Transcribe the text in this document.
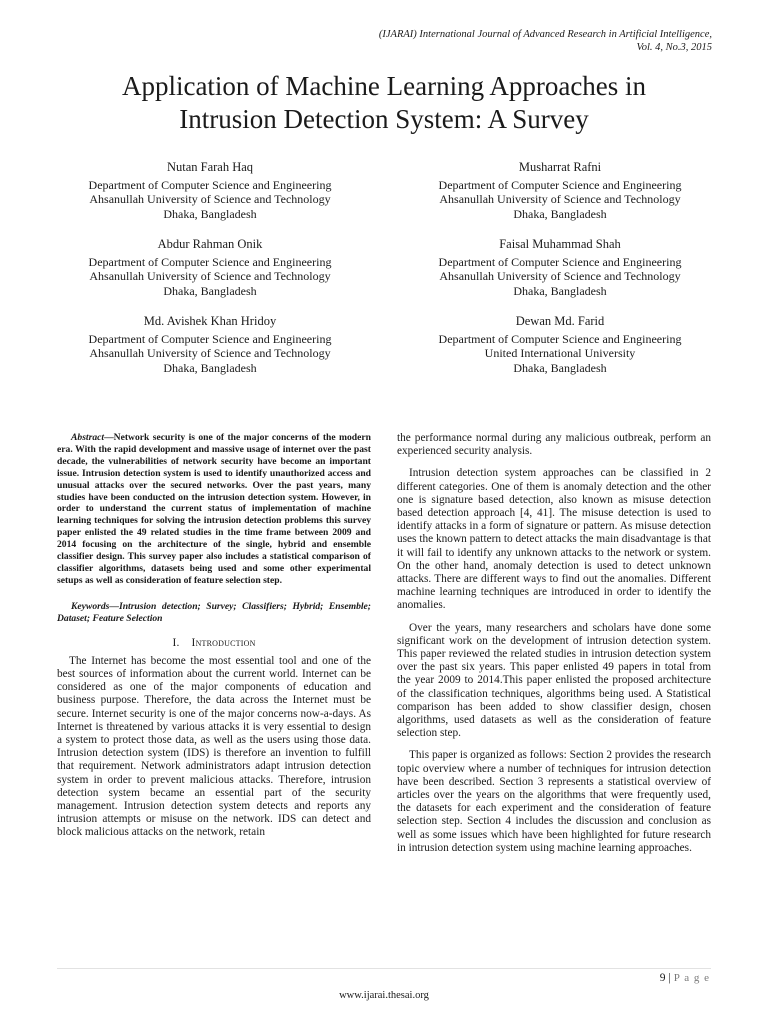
(IJARAI) International Journal of Advanced Research in Artificial Intelligence,
Vol. 4, No.3, 2015
Application of Machine Learning Approaches in
Intrusion Detection System: A Survey
Nutan Farah Haq
Department of Computer Science and Engineering
Ahsanullah University of Science and Technology
Dhaka, Bangladesh
Musharrat Rafni
Department of Computer Science and Engineering
Ahsanullah University of Science and Technology
Dhaka, Bangladesh
Abdur Rahman Onik
Department of Computer Science and Engineering
Ahsanullah University of Science and Technology
Dhaka, Bangladesh
Faisal Muhammad Shah
Department of Computer Science and Engineering
Ahsanullah University of Science and Technology
Dhaka, Bangladesh
Md. Avishek Khan Hridoy
Department of Computer Science and Engineering
Ahsanullah University of Science and Technology
Dhaka, Bangladesh
Dewan Md. Farid
Department of Computer Science and Engineering
United International University
Dhaka, Bangladesh

Abstract—Network security is one of the major concerns of the modern era. With the rapid development and massive usage of internet over the past decade, the vulnerabilities of network security have become an important issue. Intrusion detection system is used to identify unauthorized access and unusual attacks over the secured networks. Over the past years, many studies have been conducted on the intrusion detection system. However, in order to understand the current status of implementation of machine learning techniques for solving the intrusion detection problems this survey paper enlisted the 49 related studies in the time frame between 2009 and 2014 focusing on the architecture of the single, hybrid and ensemble classifier design. This survey paper also includes a statistical comparison of classifier algorithms, datasets being used and some other experimental setups as well as consideration of feature selection step.

Keywords—Intrusion detection; Survey; Classifiers; Hybrid; Ensemble; Dataset; Feature Selection

I. Introduction

The Internet has become the most essential tool and one of the best sources of information about the current world. Internet can be considered as one of the major components of education and business purpose. Therefore, the data across the Internet must be secure. Internet security is one of the major concerns now-a-days. As Internet is threatened by various attacks it is very essential to design a system to protect those data, as well as the users using those data. Intrusion detection system (IDS) is therefore an invention to fulfill that requirement. Network administrators adapt intrusion detection system in order to prevent malicious attacks. Therefore, intrusion detection system became an essential part of the security management. Intrusion detection system detects and reports any intrusion attempts or misuse on the network. IDS can detect and block malicious attacks on the network, retain

the performance normal during any malicious outbreak, perform an experienced security analysis.

Intrusion detection system approaches can be classified in 2 different categories. One of them is anomaly detection and the other one is signature based detection, also known as misuse detection based detection approach [4, 41]. The misuse detection is used to identify attacks in a form of signature or pattern. As misuse detection uses the known pattern to detect attacks the main disadvantage is that it will fail to identify any unknown attacks to the network or system. On the other hand, anomaly detection is used to detect unknown attacks. There are different ways to find out the anomalies. Different machine learning techniques are introduced in order to identify the anomalies.

Over the years, many researchers and scholars have done some significant work on the development of intrusion detection system. This paper reviewed the related studies in intrusion detection system over the past six years. This paper enlisted 49 papers in total from the year 2009 to 2014.This paper enlisted the proposed architecture of the classification techniques, algorithms being used. A Statistical comparison has been added to show classifier design, chosen algorithms, used datasets as well as the consideration of feature selection step.

This paper is organized as follows: Section 2 provides the research topic overview where a number of techniques for intrusion detection have been described. Section 3 represents a statistical overview of articles over the years on the algorithms that were frequently used, the datasets for each experiment and the consideration of feature selection step. Section 4 includes the discussion and conclusion as well as some issues which have been highlighted for future research in intrusion detection system using machine learning approaches.

9 | P a g e
www.ijarai.thesai.org
